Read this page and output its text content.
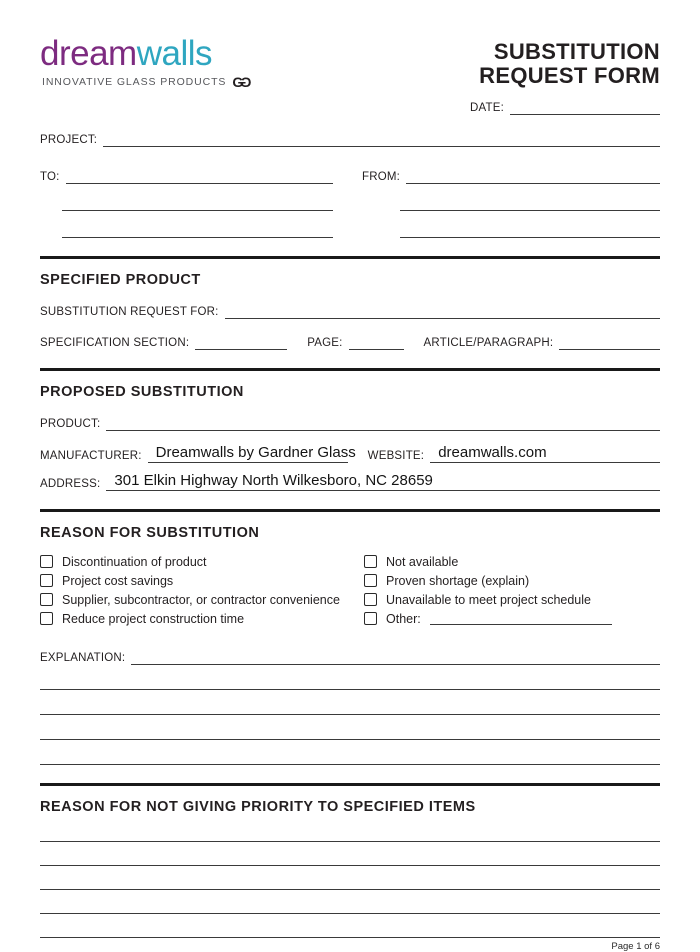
dreamwalls
INNOVATIVE GLASS PRODUCTS GG
SUBSTITUTION
REQUEST FORM
DATE:
PROJECT:
TO:	FROM:
SPECIFIED PRODUCT
SUBSTITUTION REQUEST FOR:
SPECIFICATION SECTION:	PAGE:	ARTICLE/PARAGRAPH:
PROPOSED SUBSTITUTION
PRODUCT:
MANUFACTURER: Dreamwalls by Gardner Glass	WEBSITE: dreamwalls.com
ADDRESS: 301 Elkin Highway North Wilkesboro, NC 28659
REASON FOR SUBSTITUTION
Discontinuation of product
Project cost savings
Supplier, subcontractor, or contractor convenience
Reduce project construction time
Not available
Proven shortage (explain)
Unavailable to meet project schedule
Other:
EXPLANATION:
REASON FOR NOT GIVING PRIORITY TO SPECIFIED ITEMS
Page 1 of 6
